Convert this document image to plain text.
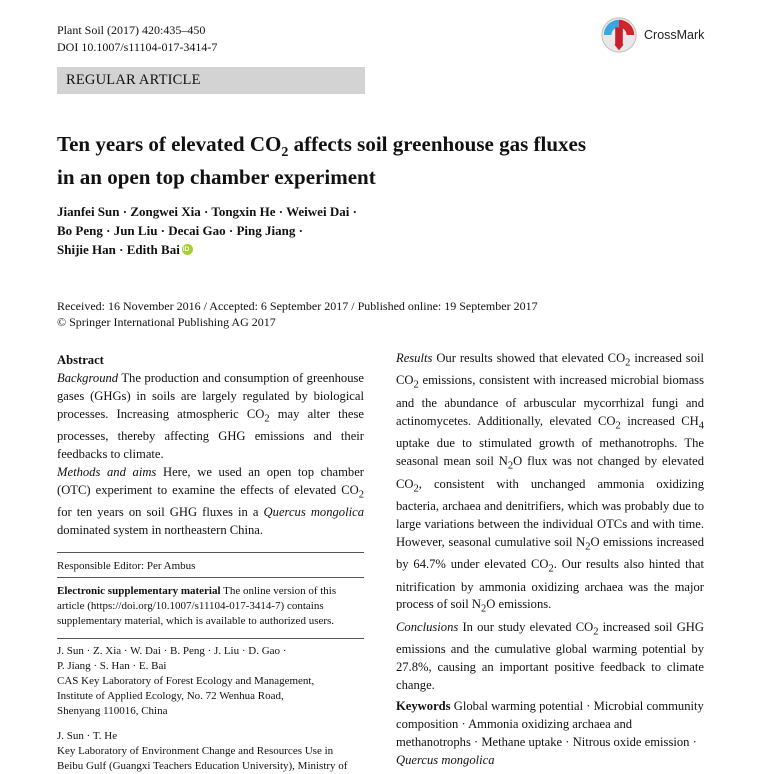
Plant Soil (2017) 420:435–450
DOI 10.1007/s11104-017-3414-7
CrossMark
REGULAR ARTICLE
Ten years of elevated $CO_2$ affects soil greenhouse gas fluxes
in an open top chamber experiment
Jianfei Sun · Zongwei Xia · Tongxin He · Weiwei Dai ·
Bo Peng · Jun Liu · Decai Gao · Ping Jiang ·
Shijie Han · Edith BaiiD
Received: 16 November 2016 / Accepted: 6 September 2017 / Published online: 19 September 2017
© Springer International Publishing AG 2017
Abstract
Background The production and consumption of greenhouse gases (GHGs) in soils are largely regulated by biological processes. Increasing atmospheric $CO_2$ may alter these processes, thereby affecting GHG emissions and their feedbacks to climate.
Methods and aims Here, we used an open top chamber (OTC) experiment to examine the effects of elevated $CO_2$ for ten years on soil GHG fluxes in a Quercus mongolica dominated system in northeastern China.
Responsible Editor: Per Ambus
Electronic supplementary material The online version of this article (https://doi.org/10.1007/s11104-017-3414-7) contains supplementary material, which is available to authorized users.
J. Sun · Z. Xia · W. Dai · B. Peng · J. Liu · D. Gao ·
P. Jiang · S. Han · E. Bai
CAS Key Laboratory of Forest Ecology and Management,
Institute of Applied Ecology, No. 72 Wenhua Road,
Shenyang 110016, China
J. Sun · T. He
Key Laboratory of Environment Change and Resources Use in
Beibu Gulf (Guangxi Teachers Education University), Ministry of
Results Our results showed that elevated $CO_2$ increased soil $CO_2$ emissions, consistent with increased microbial biomass and the abundance of arbuscular mycorrhizal fungi and actinomycetes. Additionally, elevated $CO_2$ increased $CH_4$ uptake due to stimulated growth of methanotrophs. The seasonal mean soil $N_2O$ flux was not changed by elevated $CO_2$, consistent with unchanged ammonia oxidizing bacteria, archaea and denitrifiers, which was probably due to large variations between the individual OTCs and with time. However, seasonal cumulative soil $N_2O$ emissions increased by 64.7% under elevated $CO_2$. Our results also hinted that nitrification by ammonia oxidizing archaea was the major process of soil $N_2O$ emissions.
Conclusions In our study elevated $CO_2$ increased soil GHG emissions and the cumulative global warming potential by 27.8%, causing an important positive feedback to climate change.
Keywords Global warming potential · Microbial community composition · Ammonia oxidizing archaea and methanotrophs · Methane uptake · Nitrous oxide emission · Quercus mongolica
